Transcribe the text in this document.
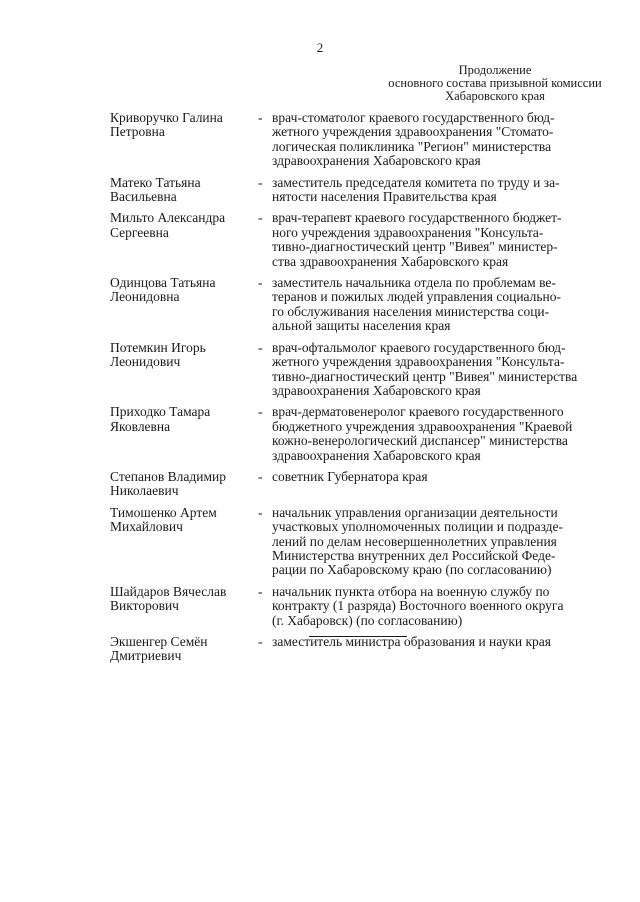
2
Продолжение
основного состава призывной комиссии
Хабаровского края
Криворучко Галина
Петровна
- врач-стоматолог краевого государственного бюд-
жетного учреждения здравоохранения "Стомато-
логическая поликлиника "Регион" министерства
здравоохранения Хабаровского края
Матеко Татьяна
Васильевна
- заместитель председателя комитета по труду и за-
нятости населения Правительства края
Мильто Александра
Сергеевна
- врач-терапевт краевого государственного бюджет-
ного учреждения здравоохранения "Консульта-
тивно-диагностический центр "Вивея" министер-
ства здравоохранения Хабаровского края
Одинцова Татьяна
Леонидовна
- заместитель начальника отдела по проблемам ве-
теранов и пожилых людей управления социально-
го обслуживания населения министерства соци-
альной защиты населения края
Потемкин Игорь
Леонидович
- врач-офтальмолог краевого государственного бюд-
жетного учреждения здравоохранения "Консульта-
тивно-диагностический центр "Вивея" министерства
здравоохранения Хабаровского края
Приходко Тамара
Яковлевна
- врач-дерматовенеролог краевого государственного
бюджетного учреждения здравоохранения "Краевой
кожно-венерологический диспансер" министерства
здравоохранения Хабаровского края
Степанов Владимир
Николаевич
- советник Губернатора края
Тимошенко Артем
Михайлович
- начальник управления организации деятельности
участковых уполномоченных полиции и подразде-
лений по делам несовершеннолетних управления
Министерства внутренних дел Российской Феде-
рации по Хабаровскому краю (по согласованию)
Шайдаров Вячеслав
Викторович
- начальник пункта отбора на военную службу по
контракту (1 разряда) Восточного военного округа
(г. Хабаровск) (по согласованию)
Экшенгер Семён
Дмитриевич
- заместитель министра образования и науки края
